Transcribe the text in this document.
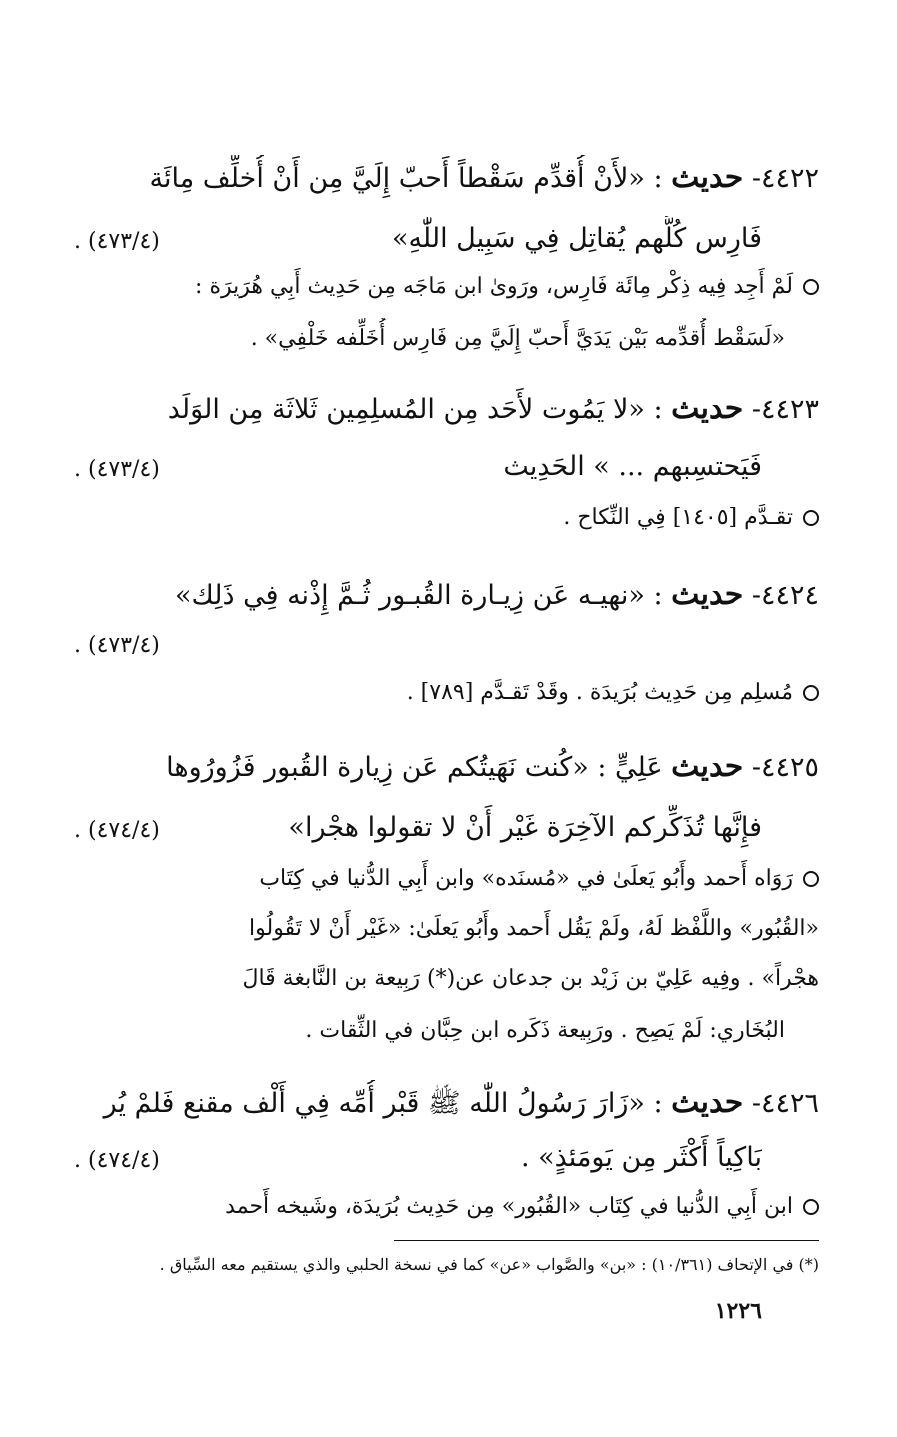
٤٤٢٢- حديث : «لأَنْ أُقدِّم سَقْطاً أَحبّ إِلَيَّ مِن أَنْ أُخلِّف مِائَة
فَارِس كُلُّهم يُقاتِل فِي سَبِيل اللّٰهِ»
(٤٧٣/٤) .
لَمْ أَجِد فِيه ذِكْر مِائَة فَارِس، ورَوىٰ ابن مَاجَه مِن حَدِيث أَبِي هُرَيرَة :
«لَسَقْط أُقدِّمه بَيْن يَدَيَّ أَحبّ إِلَيَّ مِن فَارِس أُخَلِّفه خَلْفِي» .
٤٤٢٣- حديث : «لا يَمُوت لأَحَد مِن المُسلِمِين ثَلاثَة مِن الوَلَد
فَيَحتسِبهم ... » الحَدِيث
(٤٧٣/٤) .
تقـدَّم [١٤٠٥] فِي النِّكاح .
٤٤٢٤- حديث : «نهيـه عَن زِيـارة القُبـور ثُـمَّ إِذْنه فِي ذَلِك»
(٤٧٣/٤) .
مُسلِم مِن حَدِيث بُرَيدَة . وقَدْ تَقـدَّم [٧٨٩] .
٤٤٢٥- حديث عَلِيٍّ : «كُنت نَهَيتُكم عَن زِيارة القُبور فَزُورُوها
فإِنَّها تُذَكِّركم الآخِرَة غَيْر أَنْ لا تقولوا هجْرا»
(٤٧٤/٤) .
رَوَاه أَحمد وأَبُو يَعلَىٰ في «مُسنَده» وابن أَبِي الدُّنيا في كِتَاب
«القُبُور» واللَّفْظ لَهُ، ولَمْ يَقُل أَحمد وأَبُو يَعلَىٰ: «غَيْر أَنْ لا تَقُولُوا
هجْراً» . وفِيه عَلِيّ بن زَيْد بن جدعان عن(*) رَبِيعة بن النَّابغة قَالَ
البُخَاري: لَمْ يَصِح . ورَبِيعة ذَكَره ابن حِبَّان في الثِّقات .
٤٤٢٦- حديث : «زَارَ رَسُولُ اللّٰه ﷺ قَبْر أُمِّه فِي أَلْف مقنع فَلمْ يُر
بَاكِياً أَكْثَر مِن يَومَئذٍ» .
(٤٧٤/٤) .
ابن أَبِي الدُّنيا في كِتَاب «القُبُور» مِن حَدِيث بُرَيدَة، وشَيخه أَحمد
(*) في الإتحاف (١٠/٣٦١) : «بن» والصَّواب «عن» كما في نسخة الحلبي والذي يستقيم معه السِّياق .
١٢٢٦
